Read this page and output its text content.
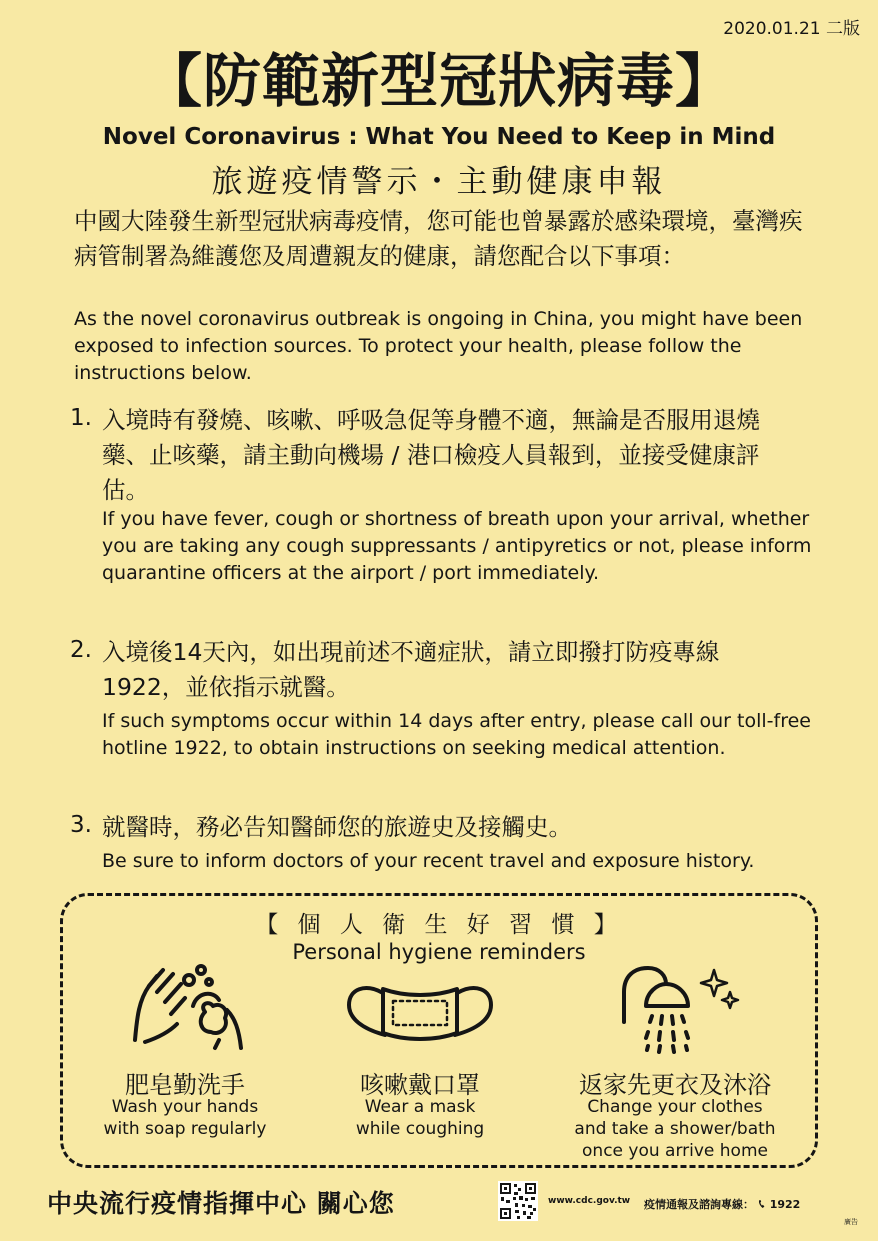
2020.01.21 二版
【防範新型冠狀病毒】
Novel Coronavirus : What You Need to Keep in Mind
旅遊疫情警示・主動健康申報
中國大陸發生新型冠狀病毒疫情，您可能也曾暴露於感染環境，臺灣疾病管制署為維護您及周遭親友的健康，請您配合以下事項：
As the novel coronavirus outbreak is ongoing in China, you might have been exposed to infection sources. To protect your health, please follow the instructions below.
1. 入境時有發燒、咳嗽、呼吸急促等身體不適，無論是否服用退燒藥、止咳藥，請主動向機場 / 港口檢疫人員報到，並接受健康評估。
If you have fever, cough or shortness of breath upon your arrival, whether you are taking any cough suppressants / antipyretics or not, please inform quarantine officers at the airport / port immediately.
2. 入境後14天內，如出現前述不適症狀，請立即撥打防疫專線1922，並依指示就醫。
If such symptoms occur within 14 days after entry, please call our toll-free hotline 1922, to obtain instructions on seeking medical attention.
3. 就醫時，務必告知醫師您的旅遊史及接觸史。
Be sure to inform doctors of your recent travel and exposure history.
【 個 人 衛 生 好 習 慣 】
Personal hygiene reminders
肥皂勤洗手
Wash your hands
with soap regularly
咳嗽戴口罩
Wear a mask
while coughing
返家先更衣及沐浴
Change your clothes
and take a shower/bath
once you arrive home
中央流行疫情指揮中心 關心您	www.cdc.gov.tw 疫情通報及諮詢專線： 1922
廣告
